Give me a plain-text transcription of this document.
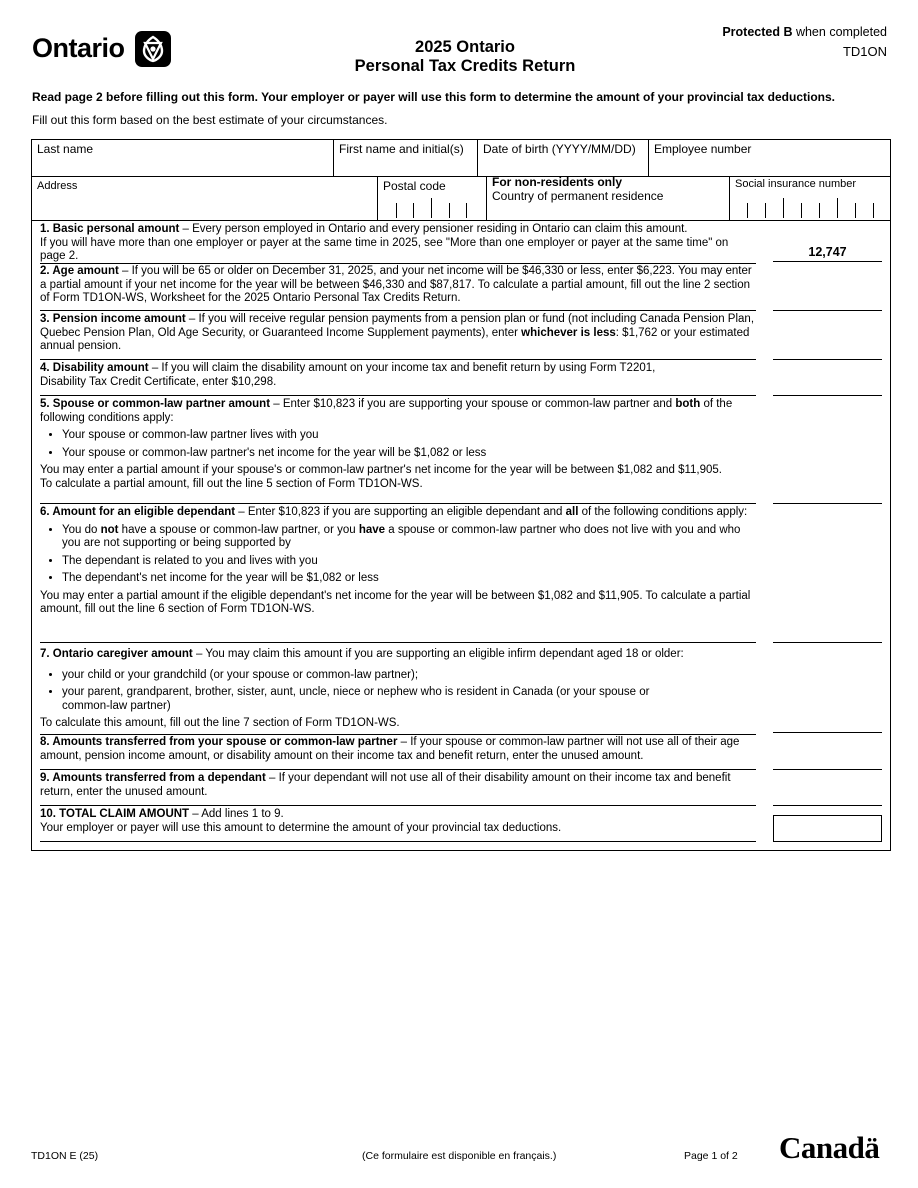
Ontario	2025 Ontario
Personal Tax Credits Return
Protected B when completed
TD1ON
Read page 2 before filling out this form. Your employer or payer will use this form to determine the amount of your provincial tax deductions.
Fill out this form based on the best estimate of your circumstances.
Last name	First name and initial(s)	Date of birth (YYYY/MM/DD)	Employee number
Address	Postal code	For non-residents only
Country of permanent residence
Social insurance number

1. Basic personal amount – Every person employed in Ontario and every pensioner residing in Ontario can claim this amount.

If you will have more than one employer or payer at the same time in 2025, see "More than one employer or payer at the same time" on page 2.	12,747

2. Age amount – If you will be 65 or older on December 31, 2025, and your net income will be $46,330 or less, enter $6,223. You may enter a partial amount if your net income for the year will be between $46,330 and $87,817. To calculate a partial amount, fill out the line 2 section of Form TD1ON-WS, Worksheet for the 2025 Ontario Personal Tax Credits Return.

3. Pension income amount – If you will receive regular pension payments from a pension plan or fund (not including Canada Pension Plan, Quebec Pension Plan, Old Age Security, or Guaranteed Income Supplement payments), enter whichever is less: $1,762 or your estimated annual pension.

4. Disability amount – If you will claim the disability amount on your income tax and benefit return by using Form T2201,

Disability Tax Credit Certificate, enter $10,298.

5. Spouse or common-law partner amount – Enter $10,823 if you are supporting your spouse or common-law partner and both of the following conditions apply:

• Your spouse or common-law partner lives with you
• Your spouse or common-law partner's net income for the year will be $1,082 or less

You may enter a partial amount if your spouse's or common-law partner's net income for the year will be between $1,082 and $11,905.

To calculate a partial amount, fill out the line 5 section of Form TD1ON-WS.

6. Amount for an eligible dependant – Enter $10,823 if you are supporting an eligible dependant and all of the following conditions apply:

• You do not have a spouse or common-law partner, or you have a spouse or common-law partner who does not live with you and who you are not supporting or being supported by
• The dependant is related to you and lives with you
• The dependant's net income for the year will be $1,082 or less

You may enter a partial amount if the eligible dependant's net income for the year will be between $1,082 and $11,905. To calculate a partial amount, fill out the line 6 section of Form TD1ON-WS.

7. Ontario caregiver amount – You may claim this amount if you are supporting an eligible infirm dependant aged 18 or older:

• your child or your grandchild (or your spouse or common-law partner);
• your parent, grandparent, brother, sister, aunt, uncle, niece or nephew who is resident in Canada (or your spouse or common-law partner)

To calculate this amount, fill out the line 7 section of Form TD1ON-WS.

8. Amounts transferred from your spouse or common-law partner – If your spouse or common-law partner will not use all of their age amount, pension income amount, or disability amount on their income tax and benefit return, enter the unused amount.

9. Amounts transferred from a dependant – If your dependant will not use all of their disability amount on their income tax and benefit return, enter the unused amount.

10. TOTAL CLAIM AMOUNT – Add lines 1 to 9.

Your employer or payer will use this amount to determine the amount of your provincial tax deductions.

TD1ON E (25)	(Ce formulaire est disponible en français.)	Page 1 of 2 Canadä
